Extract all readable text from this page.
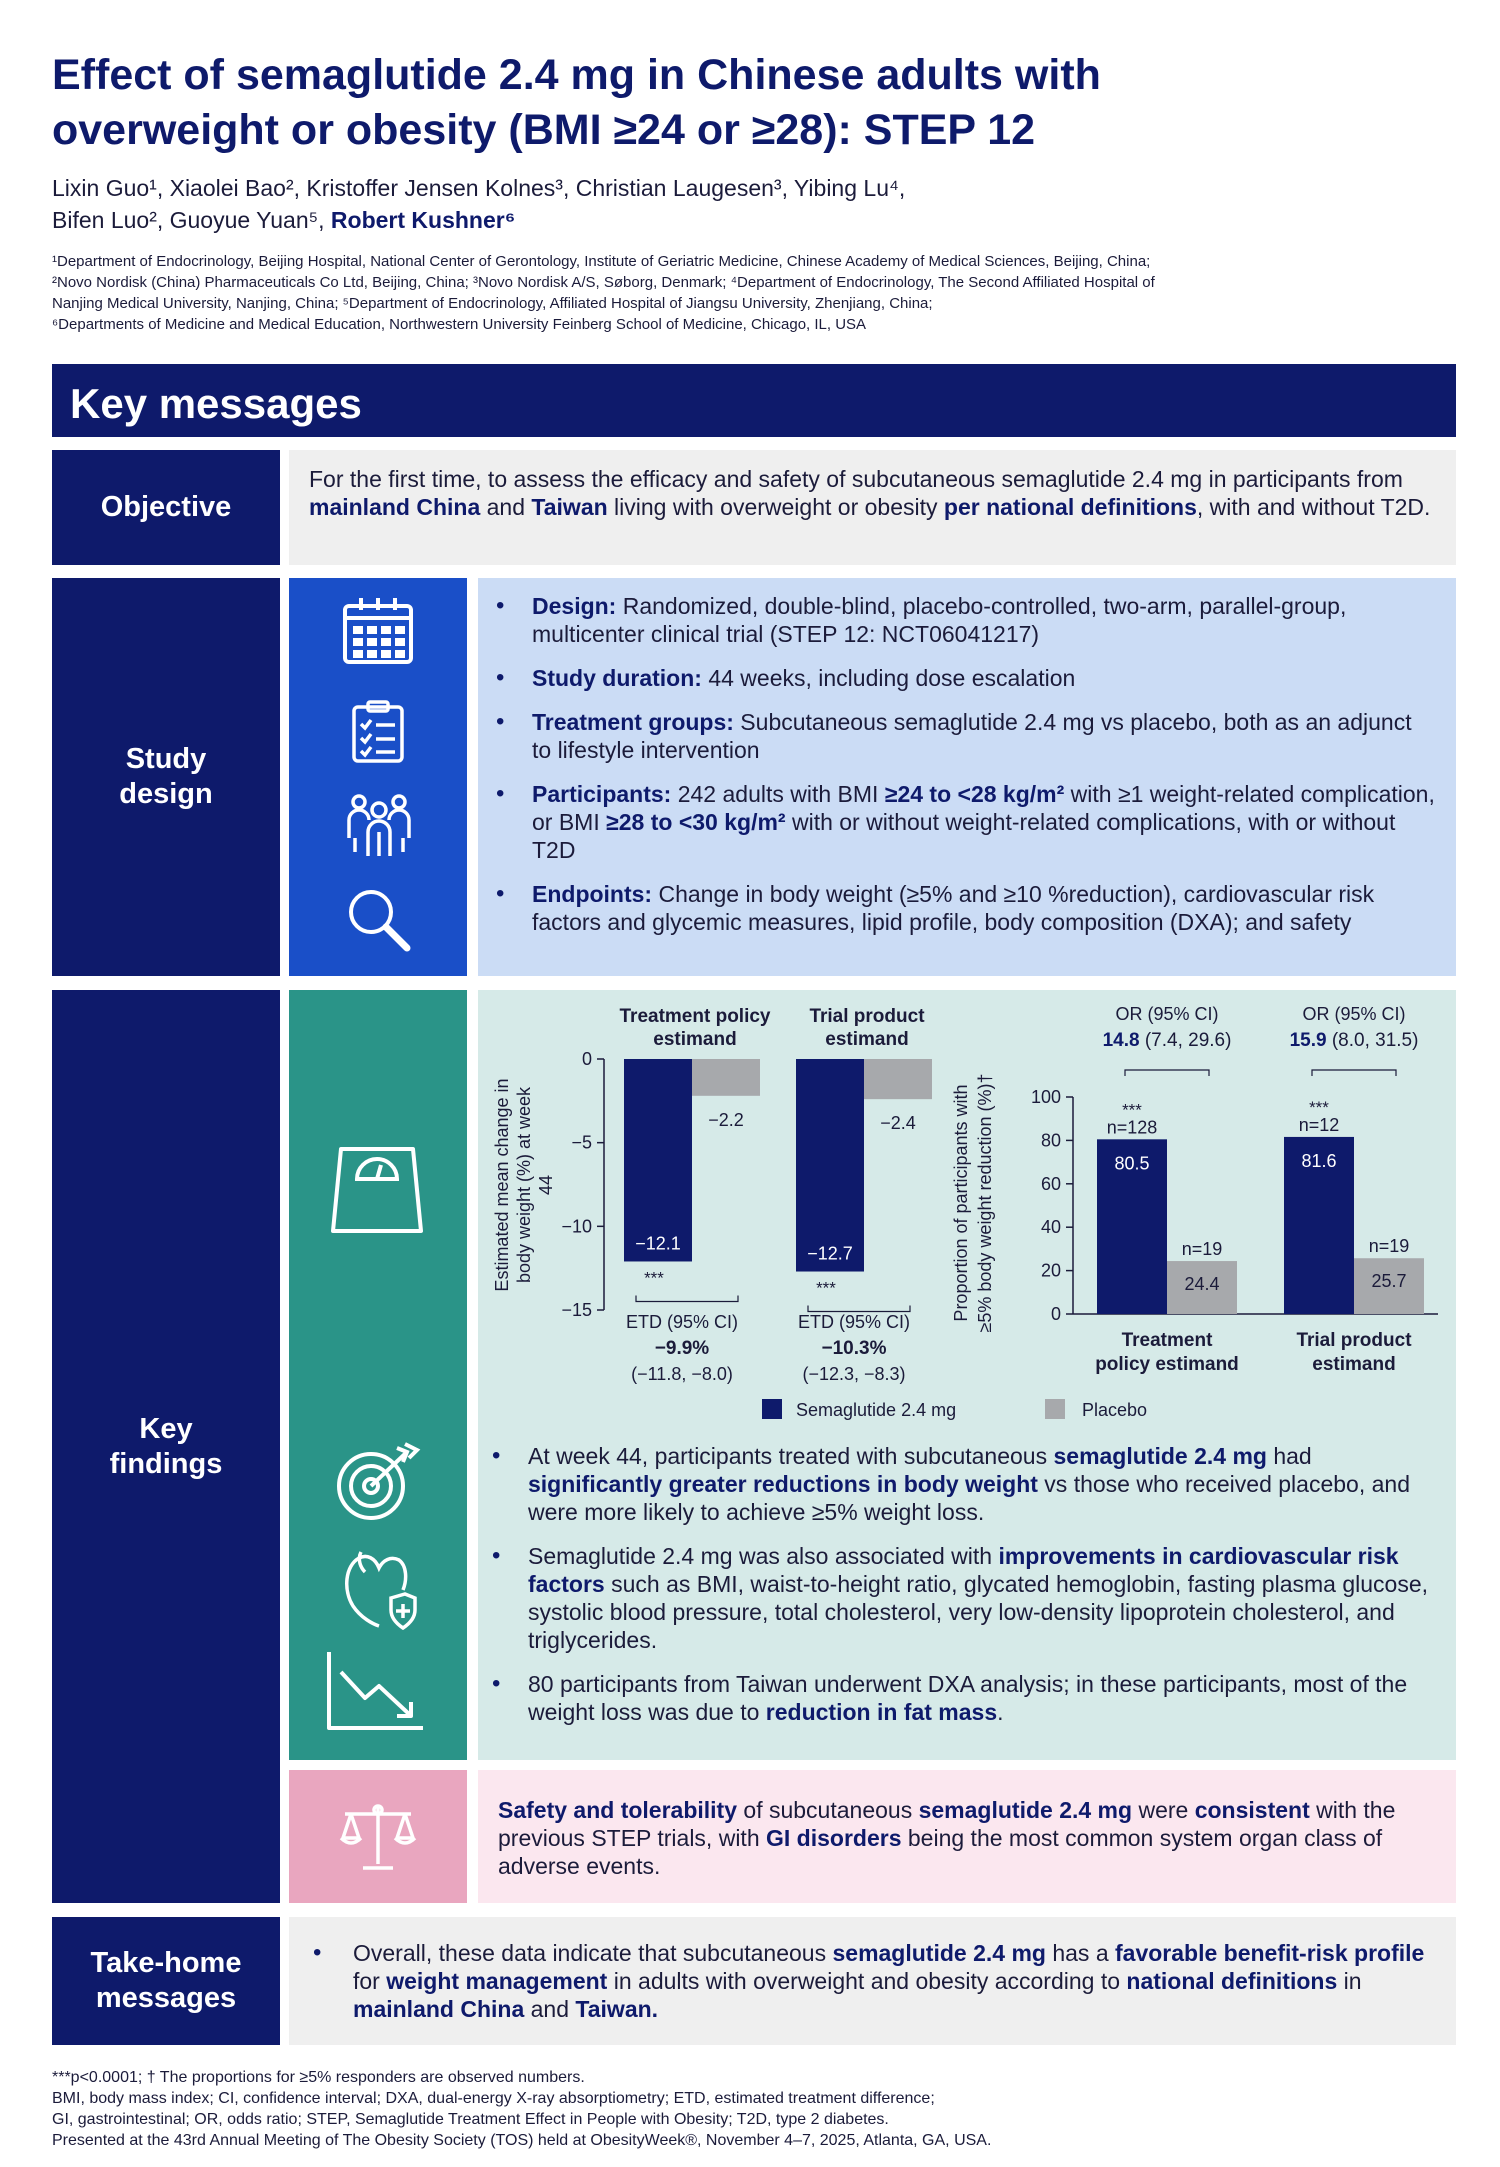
Effect of semaglutide 2.4 mg in Chinese adults with
overweight or obesity (BMI ≥24 or ≥28): STEP 12
Lixin Guo¹, Xiaolei Bao², Kristoffer Jensen Kolnes³, Christian Laugesen³, Yibing Lu⁴,
Bifen Luo², Guoyue Yuan⁵, Robert Kushner⁶
¹Department of Endocrinology, Beijing Hospital, National Center of Gerontology, Institute of Geriatric Medicine, Chinese Academy of Medical Sciences, Beijing, China;
²Novo Nordisk (China) Pharmaceuticals Co Ltd, Beijing, China; ³Novo Nordisk A/S, Søborg, Denmark; ⁴Department of Endocrinology, The Second Affiliated Hospital of
Nanjing Medical University, Nanjing, China; ⁵Department of Endocrinology, Affiliated Hospital of Jiangsu University, Zhenjiang, China;
⁶Departments of Medicine and Medical Education, Northwestern University Feinberg School of Medicine, Chicago, IL, USA
Key messages
Objective
For the first time, to assess the efficacy and safety of subcutaneous semaglutide 2.4 mg in participants from mainland China and Taiwan living with overweight or obesity per national definitions, with and without T2D.
Study
design
• Design: Randomized, double-blind, placebo-controlled, two-arm, parallel-group, multicenter clinical trial (STEP 12: NCT06041217)
• Study duration: 44 weeks, including dose escalation
• Treatment groups: Subcutaneous semaglutide 2.4 mg vs placebo, both as an adjunct to lifestyle intervention
• Participants: 242 adults with BMI ≥24 to <28 kg/m² with ≥1 weight-related complication, or BMI ≥28 to <30 kg/m² with or without weight-related complications, with or without T2D
• Endpoints: Change in body weight (≥5% and ≥10 %reduction), cardiovascular risk factors and glycemic measures, lipid profile, body composition (DXA); and safety
Key
findings
0
−5
−10
−15
Estimated mean change in body weight (%) at week 44
Treatment policy
estimand
−12.1
−2.2
***
ETD (95% CI)
−9.9%
(−11.8, −8.0)
Trial product
estimand
−12.7
−2.4
***
ETD (95% CI)
−10.3%
(−12.3, −8.3)
0
20
40
60
80
100
Proportion of participants with ≥5% body weight reduction (%)†
OR (95% CI)
14.8 (7.4, 29.6)
80.5
24.4
***
n=128
n=19
Treatment
policy estimand
OR (95% CI)
15.9 (8.0, 31.5)
81.6
25.7
***
n=12
n=19
Trial product
estimand
Semaglutide 2.4 mg	Placebo
• At week 44, participants treated with subcutaneous semaglutide 2.4 mg had significantly greater reductions in body weight vs those who received placebo, and were more likely to achieve ≥5% weight loss.
• Semaglutide 2.4 mg was also associated with improvements in cardiovascular risk factors such as BMI, waist-to-height ratio, glycated hemoglobin, fasting plasma glucose, systolic blood pressure, total cholesterol, very low-density lipoprotein cholesterol, and triglycerides.
• 80 participants from Taiwan underwent DXA analysis; in these participants, most of the weight loss was due to reduction in fat mass.
Safety and tolerability of subcutaneous semaglutide 2.4 mg were consistent with the previous STEP trials, with GI disorders being the most common system organ class of adverse events.
Take-home
messages
• Overall, these data indicate that subcutaneous semaglutide 2.4 mg has a favorable benefit-risk profile for weight management in adults with overweight and obesity according to national definitions in mainland China and Taiwan.
***p<0.0001; † The proportions for ≥5% responders are observed numbers.
BMI, body mass index; CI, confidence interval; DXA, dual-energy X-ray absorptiometry; ETD, estimated treatment difference;
GI, gastrointestinal; OR, odds ratio; STEP, Semaglutide Treatment Effect in People with Obesity; T2D, type 2 diabetes.
Presented at the 43rd Annual Meeting of The Obesity Society (TOS) held at ObesityWeek®, November 4–7, 2025, Atlanta, GA, USA.
